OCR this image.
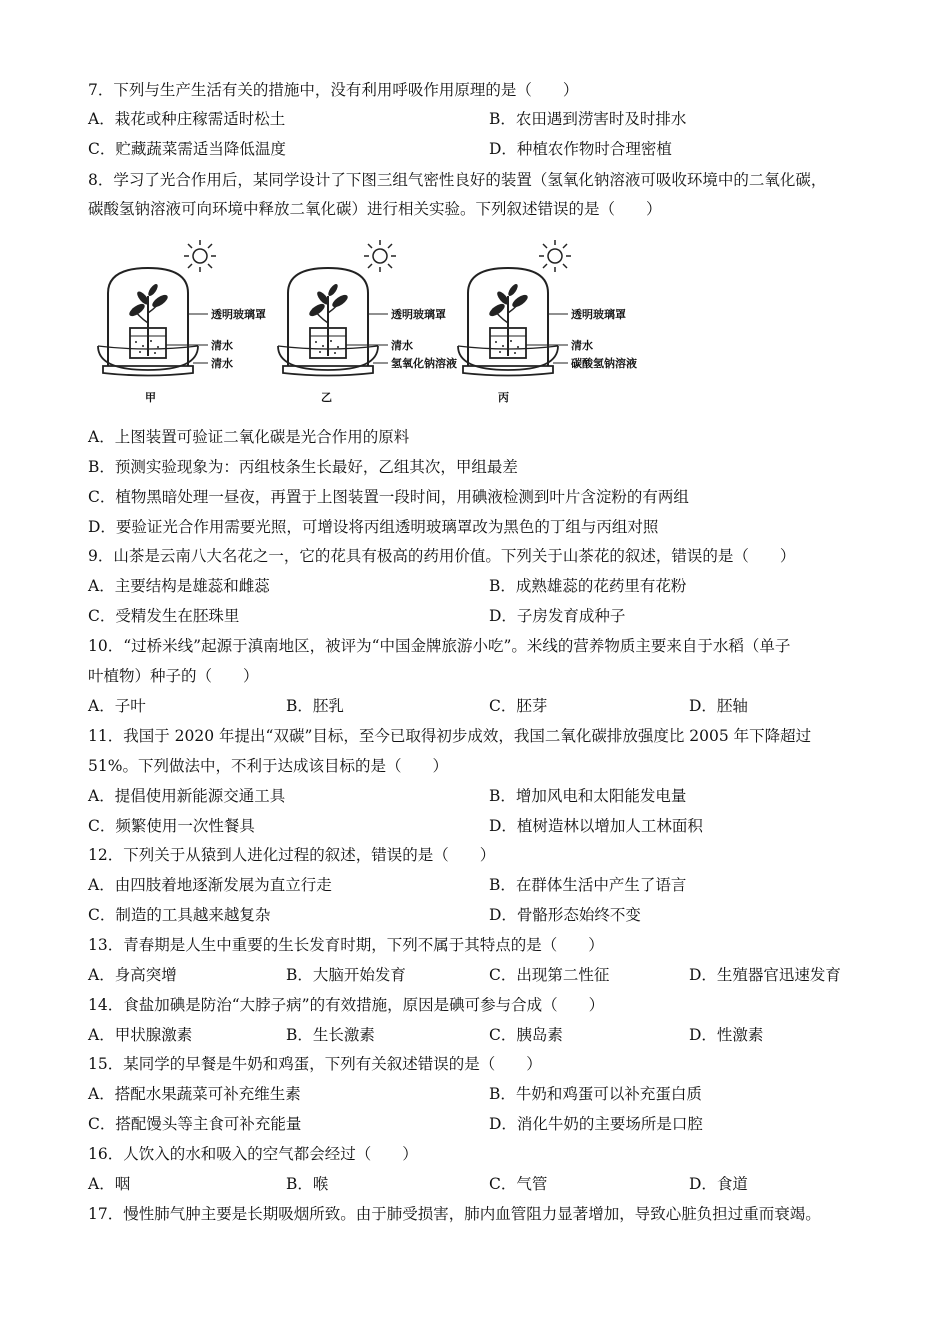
7．下列与生产生活有关的措施中，没有利用呼吸作用原理的是（　　）
A．栽花或种庄稼需适时松土	B．农田遇到涝害时及时排水
C．贮藏蔬菜需适当降低温度	D．种植农作物时合理密植
8．学习了光合作用后，某同学设计了下图三组气密性良好的装置（氢氧化钠溶液可吸收环境中的二氧化碳，
碳酸氢钠溶液可向环境中释放二氧化碳）进行相关实验。下列叙述错误的是（　　）
透明玻璃罩
清水
清水
透明玻璃罩
清水
氢氧化钠溶液
透明玻璃罩
清水
碳酸氢钠溶液
甲	乙	丙
A．上图装置可验证二氧化碳是光合作用的原料
B．预测实验现象为：丙组枝条生长最好，乙组其次，甲组最差
C．植物黑暗处理一昼夜，再置于上图装置一段时间，用碘液检测到叶片含淀粉的有两组
D．要验证光合作用需要光照，可增设将丙组透明玻璃罩改为黑色的丁组与丙组对照
9．山茶是云南八大名花之一，它的花具有极高的药用价值。下列关于山茶花的叙述，错误的是（　　）
A．主要结构是雄蕊和雌蕊	B．成熟雄蕊的花药里有花粉
C．受精发生在胚珠里	D．子房发育成种子
10．“过桥米线”起源于滇南地区，被评为“中国金牌旅游小吃”。米线的营养物质主要来自于水稻（单子
叶植物）种子的（　　）
A．子叶	B．胚乳	C．胚芽	D．胚轴
11．我国于 2020 年提出“双碳”目标，至今已取得初步成效，我国二氧化碳排放强度比 2005 年下降超过
51%。下列做法中，不利于达成该目标的是（　　）
A．提倡使用新能源交通工具	B．增加风电和太阳能发电量
C．频繁使用一次性餐具	D．植树造林以增加人工林面积
12．下列关于从猿到人进化过程的叙述，错误的是（　　）
A．由四肢着地逐渐发展为直立行走	B．在群体生活中产生了语言
C．制造的工具越来越复杂	D．骨骼形态始终不变
13．青春期是人生中重要的生长发育时期，下列不属于其特点的是（　　）
A．身高突增	B．大脑开始发育	C．出现第二性征	D．生殖器官迅速发育
14．食盐加碘是防治“大脖子病”的有效措施，原因是碘可参与合成（　　）
A．甲状腺激素	B．生长激素	C．胰岛素	D．性激素
15．某同学的早餐是牛奶和鸡蛋，下列有关叙述错误的是（　　）
A．搭配水果蔬菜可补充维生素	B．牛奶和鸡蛋可以补充蛋白质
C．搭配馒头等主食可补充能量	D．消化牛奶的主要场所是口腔
16．人饮入的水和吸入的空气都会经过（　　）
A．咽	B．喉	C．气管	D．食道
17．慢性肺气肿主要是长期吸烟所致。由于肺受损害，肺内血管阻力显著增加，导致心脏负担过重而衰竭。
